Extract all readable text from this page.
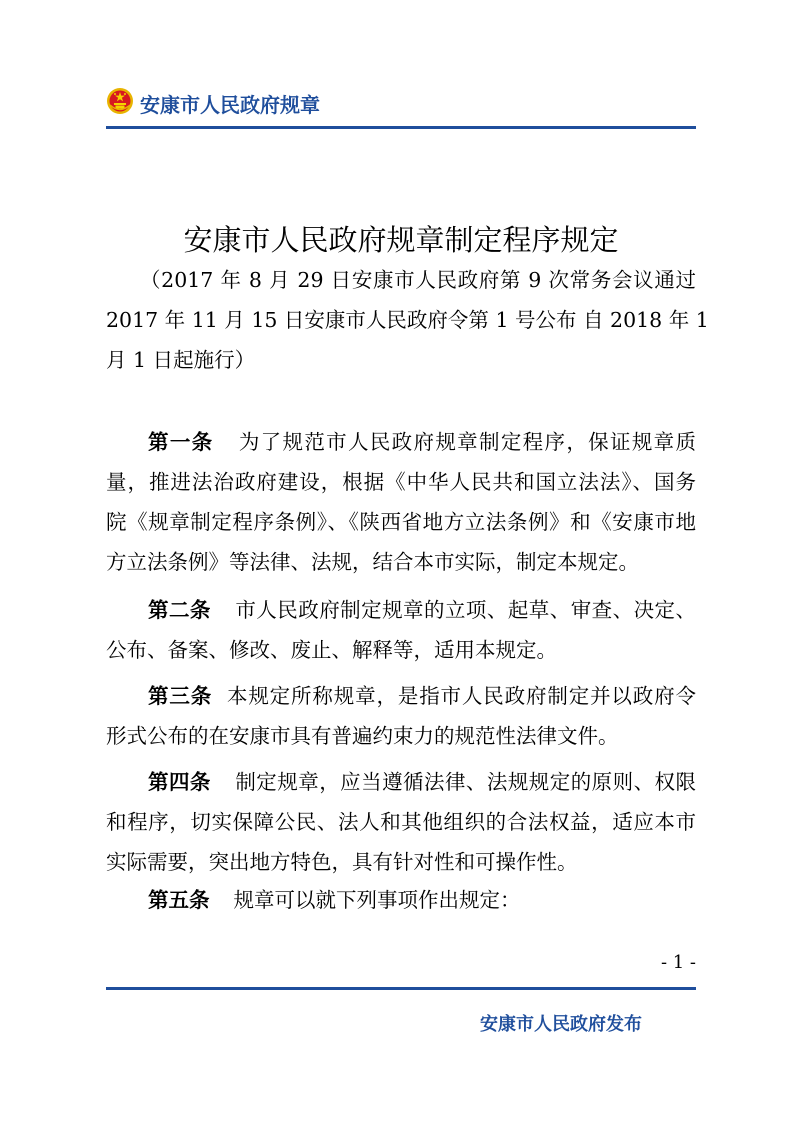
安康市人民政府规章
安康市人民政府规章制定程序规定
（2017 年 8 月 29 日安康市人民政府第 9 次常务会议通过
2017 年 11 月 15 日安康市人民政府令第 1 号公布 自 2018 年 1
月 1 日起施行）
第一条 为了规范市人民政府规章制定程序，保证规章质
量，推进法治政府建设，根据《中华人民共和国立法法》、国务
院《规章制定程序条例》、《陕西省地方立法条例》和《安康市地
方立法条例》等法律、法规，结合本市实际，制定本规定。
第二条 市人民政府制定规章的立项、起草、审查、决定、
公布、备案、修改、废止、解释等，适用本规定。
第三条 本规定所称规章，是指市人民政府制定并以政府令
形式公布的在安康市具有普遍约束力的规范性法律文件。
第四条 制定规章，应当遵循法律、法规规定的原则、权限
和程序，切实保障公民、法人和其他组织的合法权益，适应本市
实际需要，突出地方特色，具有针对性和可操作性。
第五条 规章可以就下列事项作出规定：
- 1 -
安康市人民政府发布
